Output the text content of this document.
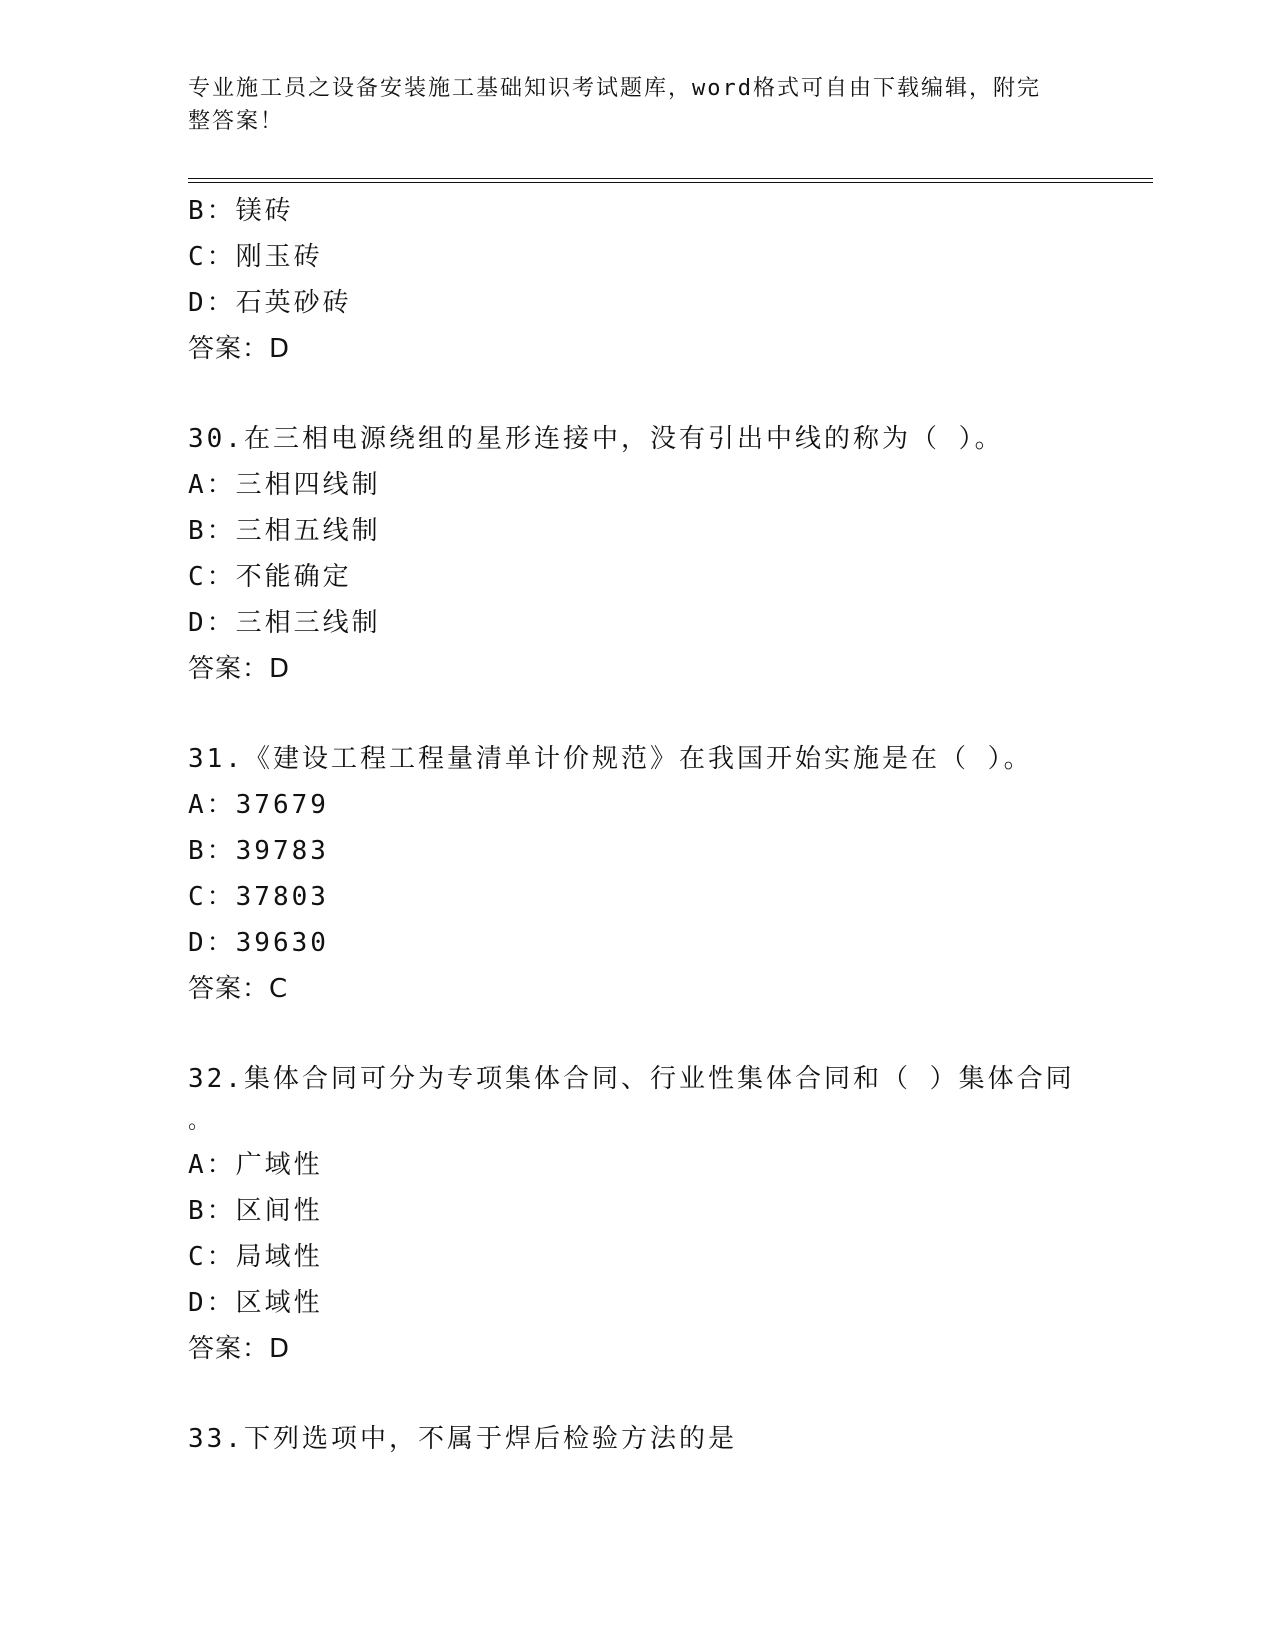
专业施工员之设备安装施工基础知识考试题库，word格式可自由下载编辑，附完
整答案！
B：镁砖
C：刚玉砖
D：石英砂砖
答案：D
30.在三相电源绕组的星形连接中，没有引出中线的称为（ ）。
A：三相四线制
B：三相五线制
C：不能确定
D：三相三线制
答案：D
31.《建设工程工程量清单计价规范》在我国开始实施是在（ ）。
A：37679
B：39783
C：37803
D：39630
答案：C
32.集体合同可分为专项集体合同、行业性集体合同和（ ）集体合同
。
A：广域性
B：区间性
C：局域性
D：区域性
答案：D
33.下列选项中，不属于焊后检验方法的是
